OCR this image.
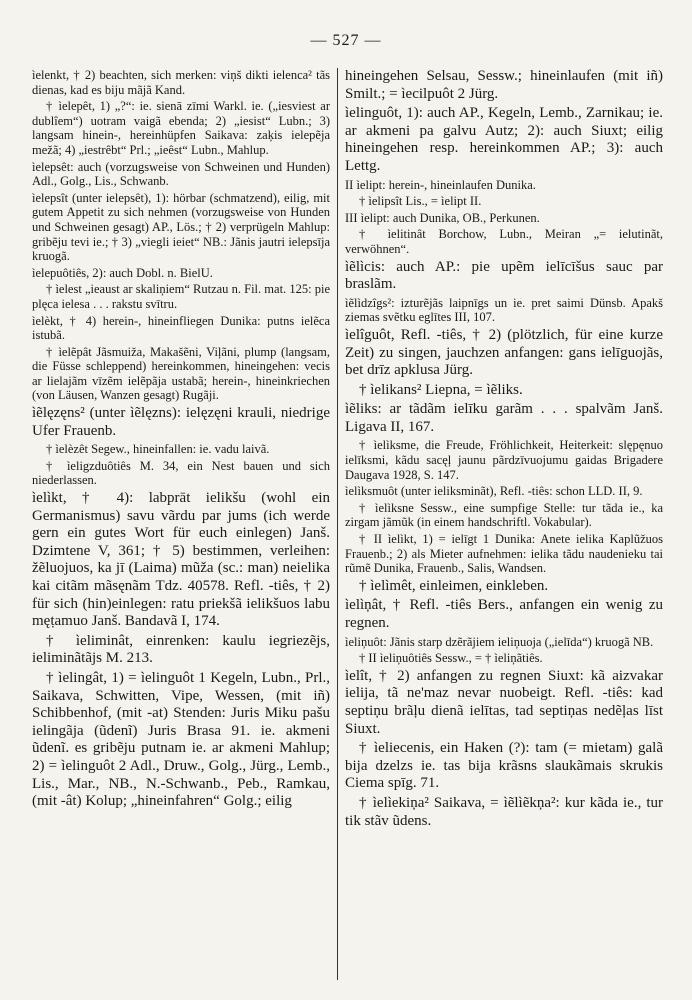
— 527 —

ìelenkt, † 2) beachten, sich merken: viņš dikti ielenca² tãs dienas, kad es biju mãjã Kand.

† ìelepêt, 1) „?“: ie. sienā zīmi Warkl. ie. („iesviest ar dublîem“) uotram vaigã ebenda; 2) „iesist“ Lubn.; 3) langsam hinein-, hereinhüpfen Saikava: zaķis ielepẽja mežã; 4) „iestrêbt“ Prl.; „ieêst“ Lubn., Mahlup.

ìelepsêt: auch (vorzugsweise von Schweinen und Hunden) Adl., Golg., Lis., Schwanb.

ìelepsît (unter ielepsêt), 1): hörbar (schmatzend), eilig, mit gutem Appetit zu sich nehmen (vorzugsweise von Hunden und Schweinen gesagt) AP., Lös.; † 2) verprügeln Mahlup: gribẽju tevi ie.; † 3) „viegli ieiet“ NB.: Jãnis jautri ielepsīja kruogã.

ìelepuôtiês, 2): auch Dobl. n. BielU.

† ìelest „ieaust ar skaliņiem“ Rutzau n. Fil. mat. 125: pie plęca ielesa . . . rakstu svītru.

ìelèkt, † 4) herein-, hineinfliegen Dunika: putns ielẽca istubã.

† ìelẽpât Jãsmuiža, Makašẽni, Viļãni, plump (langsam, die Füsse schleppend) hereinkommen, hineingehen: vecis ar lielajãm vīzẽm ielẽpãja ustabã; herein-, hineinkriechen (von Läusen, Wanzen gesagt) Rugãji.

ìẽlęzęns² (unter ìẽlęzns): ielęzęni krauli, niedrige Ufer Frauenb.

† ìelèzêt Segew., hineinfallen: ie. vadu laivã.

† ìeligzduôtiês M. 34, ein Nest bauen und sich niederlassen.

ìelìkt, † 4): labprāt ielikšu (wohl ein Germanismus) savu vãrdu par jums (ich werde gern ein gutes Wort für euch einlegen) Janš. Dzimtene V, 361; † 5) bestimmen, verleihen: žẽluojuos, ka jī (Laima) mũža (sc.: man) neielika kai citãm mãsęnãm Tdz. 40578. Refl. -tiês, † 2) für sich (hin)einlegen: ratu priekšã ielikšuos labu męṭamuo Janš. Bandavã I, 174.

† ìeliminât, einrenken: kaulu iegriezẽjs, ieliminãtãjs M. 213.

† ìelingât, 1) = ìelinguôt 1 Kegeln, Lubn., Prl., Saikava, Schwitten, Vipe, Wessen, (mit iñ) Schibbenhof, (mit -at) Stenden: Juris Miku pašu ielingãja (ũdenĩ) Juris Brasa 91. ie. akmeni ũdenĩ. es gribẽju putnam ie. ar akmeni Mahlup; 2) = ìelinguôt 2 Adl., Druw., Golg., Jürg., Lemb., Lis., Mar., NB., N.-Schwanb., Peb., Ramkau, (mit -ât) Kolup; „hineinfahren“ Golg.; eilig

hineingehen Selsau, Sessw.; hineinlaufen (mit iñ) Smilt.; = ìecilpuôt 2 Jürg.

ìelinguôt, 1): auch AP., Kegeln, Lemb., Zarnikau; ie. ar akmeni pa galvu Autz; 2): auch Siuxt; eilig hineingehen resp. hereinkommen AP.; 3): auch Lettg.

II ìelipt: herein-, hineinlaufen Dunika.

† ìelipsît Lis., = ìelipt II.

III ìelipt: auch Dunika, OB., Perkunen.

† ìelitinât Borchow, Lubn., Meiran „= ielutinãt, verwöhnen“.

ìẽlìcis: auch AP.: pie upẽm ielīcīšus sauc par braslãm.

ìẽlìdzîgs²: izturẽjãs laipnīgs un ie. pret saimi Dünsb. Apakš ziemas svẽtku eglītes III, 107.

ìelîguôt, Refl. -tiês, † 2) (plötzlich, für eine kurze Zeit) zu singen, jauchzen anfangen: gans ielīguojãs, bet drīz apklusa Jürg.

† ìelikans² Liepna, = ìẽliks.

ìẽliks: ar tãdãm ielīku garãm . . . spalvãm Janš. Ligava II, 167.

† ìelìksme, die Freude, Fröhlichkeit, Heiterkeit: slępęnuo ielīksmi, kãdu sacęļ jaunu pãrdzīvuojumu gaidas Brigadere Daugava 1928, S. 147.

ìelìksmuôt (unter ieliksminãt), Refl. -tiês: schon LLD. II, 9.

† ìelìksne Sessw., eine sumpfige Stelle: tur tãda ie., ka zirgam jãmũk (in einem handschriftl. Vokabular).

† II ìelìkt, 1) = ielīgt 1 Dunika: Anete ielika Kaplũžuos Frauenb.; 2) als Mieter aufnehmen: ielika tãdu naudenieku tai rũmẽ Dunika, Frauenb., Salis, Wandsen.

† ìelìmêt, einleimen, einkleben.

ìelìņât, † Refl. -tiês Bers., anfangen ein wenig zu regnen.

ìeliņuôt: Jãnis starp dzẽrãjiem ieliņuoja („ielīda“) kruogã NB.

† II ìeliņuôtiês Sessw., = † ìeliņãtiês.

ìelît, † 2) anfangen zu regnen Siuxt: kã aizvakar ielija, tã ne'maz nevar nuobeigt. Refl. -tiês: kad septiņu brãļu dienã ielītas, tad septiņas nedẽļas līst Siuxt.

† ìeliecenis, ein Haken (?): tam (= mietam) galã bija dzelzs ie. tas bija krãsns slaukãmais skrukis Ciema spīg. 71.

† ìelìekiņa² Saikava, = ìẽlìẽkņa²: kur kãda ie., tur tik stãv ũdens.
